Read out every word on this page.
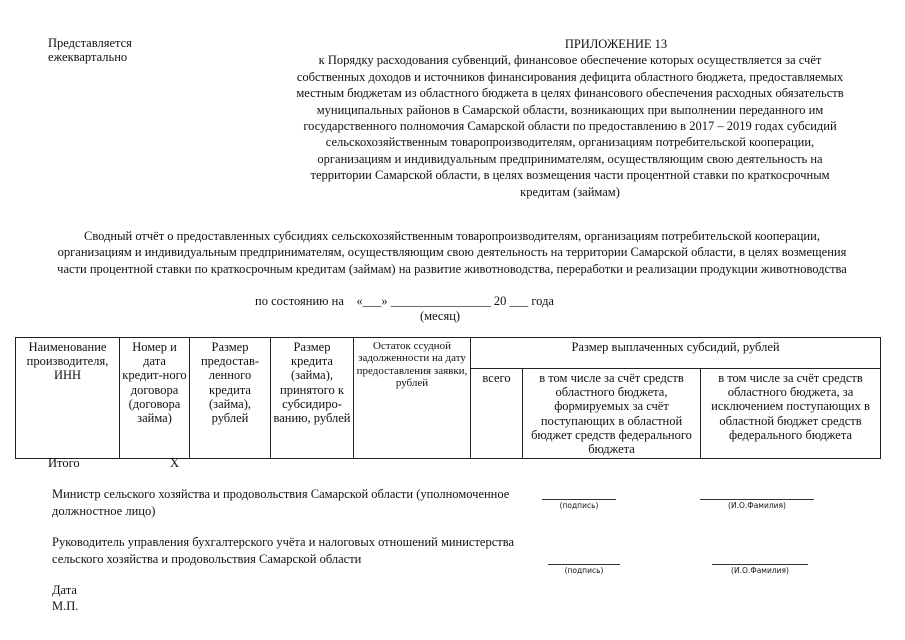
Представляется ежеквартально
ПРИЛОЖЕНИЕ 13
к Порядку расходования субвенций, финансовое обеспечение которых осуществляется за счёт собственных доходов и источников финансирования дефицита областного бюджета, предоставляемых местным бюджетам из областного бюджета в целях финансового обеспечения расходных обязательств муниципальных районов в Самарской области, возникающих при выполнении переданного им государственного полномочия Самарской области по предоставлению в 2017 – 2019 годах субсидий сельскохозяйственным товаропроизводителям, организациям потребительской кооперации, организациям и индивидуальным предпринимателям, осуществляющим свою деятельность на территории Самарской области, в целях возмещения части процентной ставки по краткосрочным кредитам (займам)
Сводный отчёт о предоставленных субсидиях сельскохозяйственным товаропроизводителям, организациям потребительской кооперации, организациям и индивидуальным предпринимателям, осуществляющим свою деятельность на территории Самарской области, в целях возмещения части процентной ставки по краткосрочным кредитам (займам) на развитие животноводства, переработки и реализации продукции животноводства
по состоянию на    «___» ________________ 20 ___ года
(месяц)
Наименование производителя, ИНН	Номер и дата кредит-ного договора (договора займа)	Размер предостав-ленного кредита (займа), рублей	Размер кредита (займа), принятого к субсидиро-ванию, рублей	Остаток ссудной задолженности на дату предоставления заявки, рублей	Размер выплаченных субсидий, рублей		
					всего	в том числе за счёт средств областного бюджета, формируемых за счёт поступающих в областной бюджет средств федерального бюджета	в том числе за счёт средств областного бюджета, за исключением поступающих в областной бюджет средств федерального бюджета
Итого	Х
Министр сельского хозяйства и продовольствия Самарской области (уполномоченное должностное лицо)	(подпись)	(И.О.Фамилия)
Руководитель управления бухгалтерского учёта и налоговых отношений министерства сельского хозяйства и продовольствия Самарской области
(подпись)	(И.О.Фамилия)
Дата
М.П.
